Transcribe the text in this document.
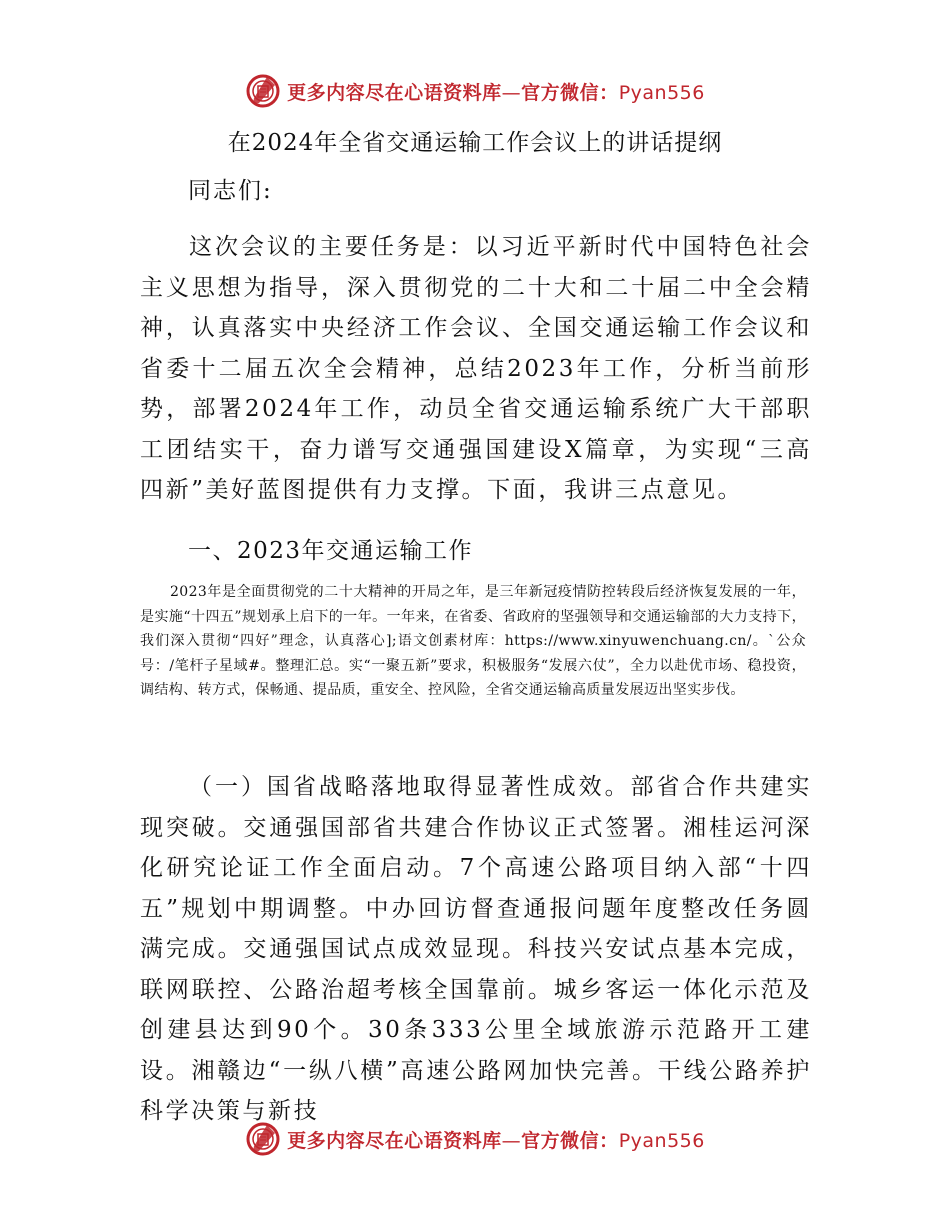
更多内容尽在心语资料库—官方微信：Pyan556
在2024年全省交通运输工作会议上的讲话提纲
同志们:

这次会议的主要任务是：以习近平新时代中国特色社会主义思想为指导，深入贯彻党的二十大和二十届二中全会精神，认真落实中央经济工作会议、全国交通运输工作会议和省委十二届五次全会精神，总结2023年工作，分析当前形势，部署2024年工作，动员全省交通运输系统广大干部职工团结实干，奋力谱写交通强国建设X篇章，为实现“三高四新”美好蓝图提供有力支撑。下面，我讲三点意见。

一、2023年交通运输工作

2023年是全面贯彻党的二十大精神的开局之年，是三年新冠疫情防控转段后经济恢复发展的一年，是实施“十四五”规划承上启下的一年。一年来，在省委、省政府的坚强领导和交通运输部的大力支持下，我们深入贯彻“四好”理念，认真落心];语文创素材库：https://www.xinyuwenchuang.cn/。`公众号：/笔杆子星域#。整理汇总。实“一聚五新”要求，积极服务“发展六仗”，全力以赴优市场、稳投资，调结构、转方式，保畅通、提品质，重安全、控风险，全省交通运输高质量发展迈出坚实步伐。

（一）国省战略落地取得显著性成效。部省合作共建实现突破。交通强国部省共建合作协议正式签署。湘桂运河深化研究论证工作全面启动。7个高速公路项目纳入部“十四五”规划中期调整。中办回访督查通报问题年度整改任务圆满完成。交通强国试点成效显现。科技兴安试点基本完成，联网联控、公路治超考核全国靠前。城乡客运一体化示范及创建县达到90个。30条333公里全域旅游示范路开工建设。湘赣边“一纵八横”高速公路网加快完善。干线公路养护科学决策与新技

更多内容尽在心语资料库—官方微信：Pyan556
